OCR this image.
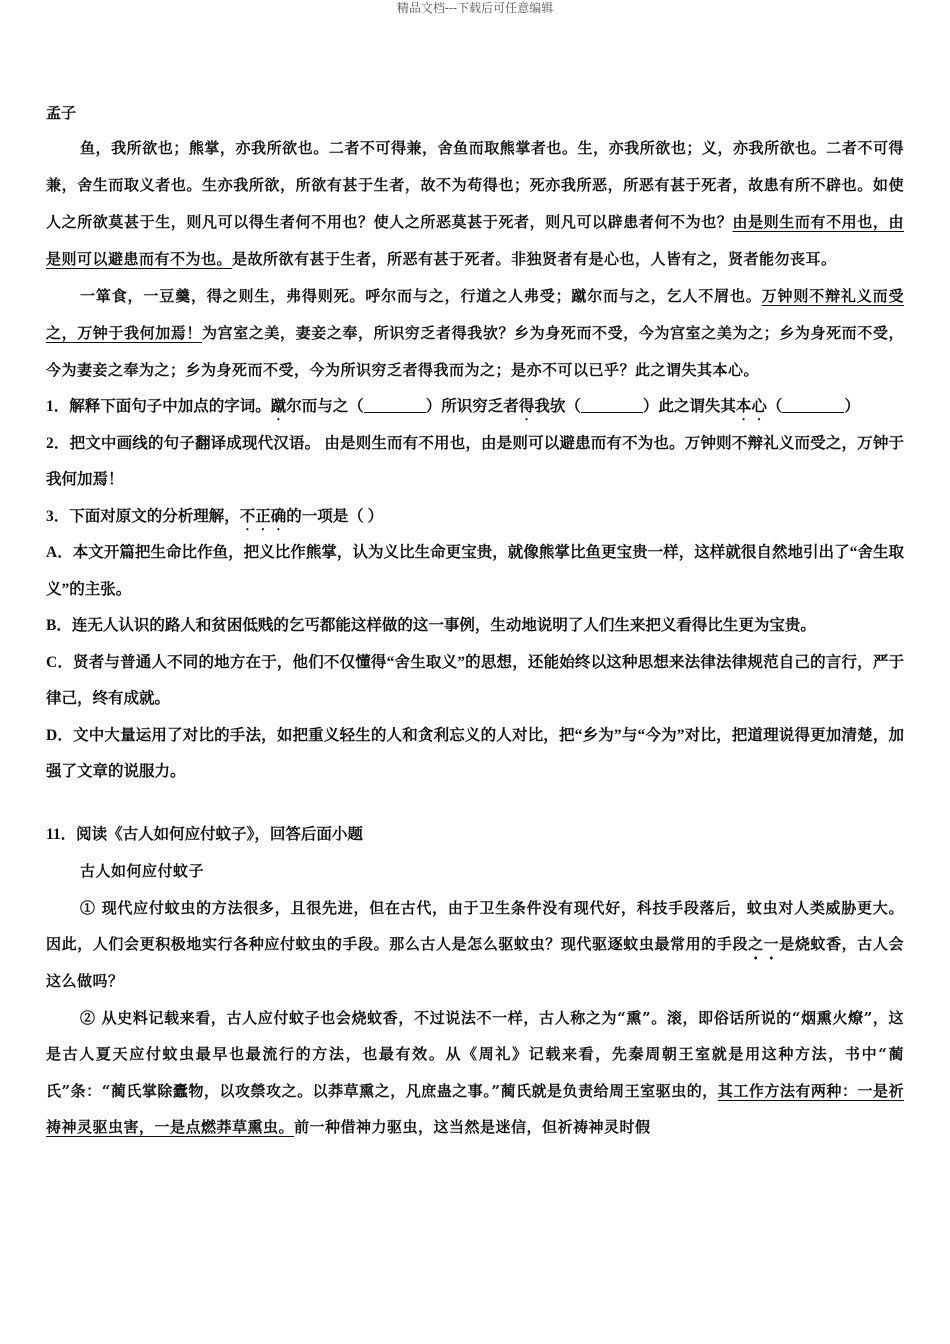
精品文档---下载后可任意编辑

孟子

鱼，我所欲也；熊掌，亦我所欲也。二者不可得兼，舍鱼而取熊掌者也。生，亦我所欲也；义，亦我所欲也。二者不可得兼，舍生而取义者也。生亦我所欲，所欲有甚于生者，故不为苟得也；死亦我所恶，所恶有甚于死者，故患有所不辟也。如使人之所欲莫甚于生，则凡可以得生者何不用也？使人之所恶莫甚于死者，则凡可以辟患者何不为也？由是则生而有不用也，由是则可以避患而有不为也。是故所欲有甚于生者，所恶有甚于死者。非独贤者有是心也，人皆有之，贤者能勿丧耳。

一箪食，一豆羹，得之则生，弗得则死。呼尔而与之，行道之人弗受；蹴尔而与之，乞人不屑也。万钟则不辩礼义而受之，万钟于我何加焉！为宫室之美，妻妾之奉，所识穷乏者得我欤？乡为身死而不受，今为宫室之美为之；乡为身死而不受，今为妻妾之奉为之；乡为身死而不受，今为所识穷乏者得我而为之；是亦不可以已乎？此之谓失其本心。

1．解释下面句子中加点的字词。蹴尔而与之（	）所识穷乏者得我欤（	）此之谓失其本心（	）

2．把文中画线的句子翻译成现代汉语。 由是则生而有不用也，由是则可以避患而有不为也。万钟则不辩礼义而受之，万钟于我何加焉！

3．下面对原文的分析理解，不正确的一项是（ ）

A．本文开篇把生命比作鱼，把义比作熊掌，认为义比生命更宝贵，就像熊掌比鱼更宝贵一样，这样就很自然地引出了“舍生取义”的主张。

B．连无人认识的路人和贫困低贱的乞丐都能这样做的这一事例，生动地说明了人们生来把义看得比生更为宝贵。

C．贤者与普通人不同的地方在于，他们不仅懂得“舍生取义”的思想，还能始终以这种思想来法律法律规范自己的言行，严于律己，终有成就。

D．文中大量运用了对比的手法，如把重义轻生的人和贪利忘义的人对比，把“乡为”与“今为”对比，把道理说得更加清楚，加强了文章的说服力。

11．阅读《古人如何应付蚊子》，回答后面小题

古人如何应付蚊子

① 现代应付蚊虫的方法很多，且很先进，但在古代，由于卫生条件没有现代好，科技手段落后，蚊虫对人类威胁更大。因此，人们会更积极地实行各种应付蚊虫的手段。那么古人是怎么驱蚊虫？现代驱逐蚊虫最常用的手段之一是烧蚊香，古人会这么做吗？

② 从史料记载来看，古人应付蚊子也会烧蚊香，不过说法不一样，古人称之为“熏”。滚，即俗话所说的“烟熏火燎”，这是古人夏天应付蚊虫最早也最流行的方法，也最有效。从《周礼》记载来看，先秦周朝王室就是用这种方法，书中“蔺氏”条：“蔺氏掌除蠹物，以攻禜攻之。以莽草熏之，凡庶蛊之事。”蔺氏就是负责给周王室驱虫的，其工作方法有两种：一是祈祷神灵驱虫害，一是点燃莽草熏虫。前一种借神力驱虫，这当然是迷信，但祈祷神灵时假
